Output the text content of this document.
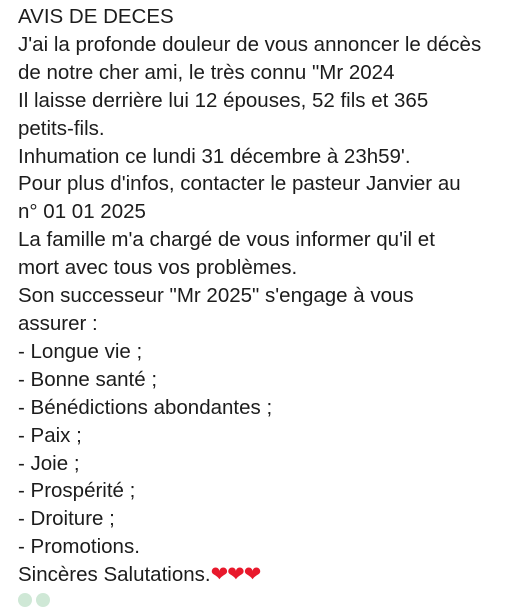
AVIS DE DECES
J'ai la profonde douleur de vous annoncer le décès
de notre cher ami, le très connu "Mr 2024
Il laisse derrière lui 12 épouses, 52 fils et 365
petits-fils.
Inhumation ce lundi 31 décembre à 23h59'.
Pour plus d'infos, contacter le pasteur Janvier au
n° 01 01 2025
La famille m'a chargé de vous informer qu'il et
mort avec tous vos problèmes.
Son successeur "Mr 2025" s'engage à vous
assurer :
- Longue vie ;
- Bonne santé ;
- Bénédictions abondantes ;
- Paix ;
- Joie ;
- Prospérité ;
- Droiture ;
- Promotions.
Sincères Salutations.❤❤❤
